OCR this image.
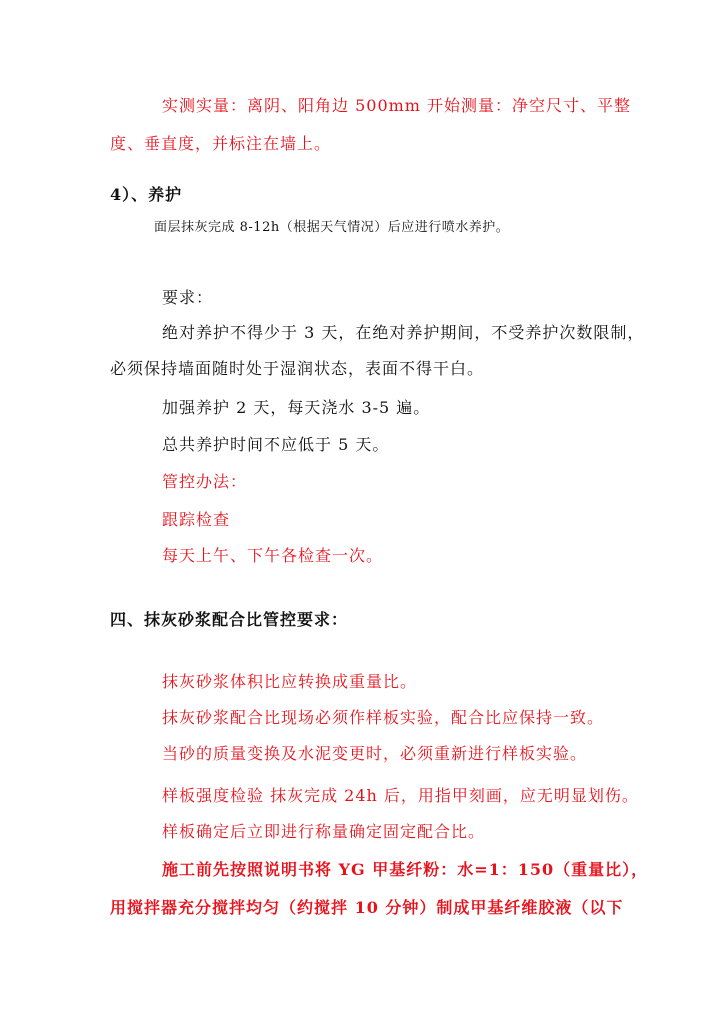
实测实量：离阴、阳角边 500mm 开始测量：净空尺寸、平整
度、垂直度，并标注在墙上。
4）、养护
面层抹灰完成 8-12h（根据天气情况）后应进行喷水养护。
要求：
绝对养护不得少于 3 天，在绝对养护期间，不受养护次数限制，
必须保持墙面随时处于湿润状态，表面不得干白。
加强养护 2 天，每天浇水 3-5 遍。
总共养护时间不应低于 5 天。
管控办法：
跟踪检查
每天上午、下午各检查一次。
四、抹灰砂浆配合比管控要求：
抹灰砂浆体积比应转换成重量比。
抹灰砂浆配合比现场必须作样板实验，配合比应保持一致。
当砂的质量变换及水泥变更时，必须重新进行样板实验。
样板强度检验 抹灰完成 24h 后，用指甲刻画，应无明显划伤。
样板确定后立即进行称量确定固定配合比。
施工前先按照说明书将 YG 甲基纤粉：水=1：150（重量比），
用搅拌器充分搅拌均匀（约搅拌 10 分钟）制成甲基纤维胶液（以下
